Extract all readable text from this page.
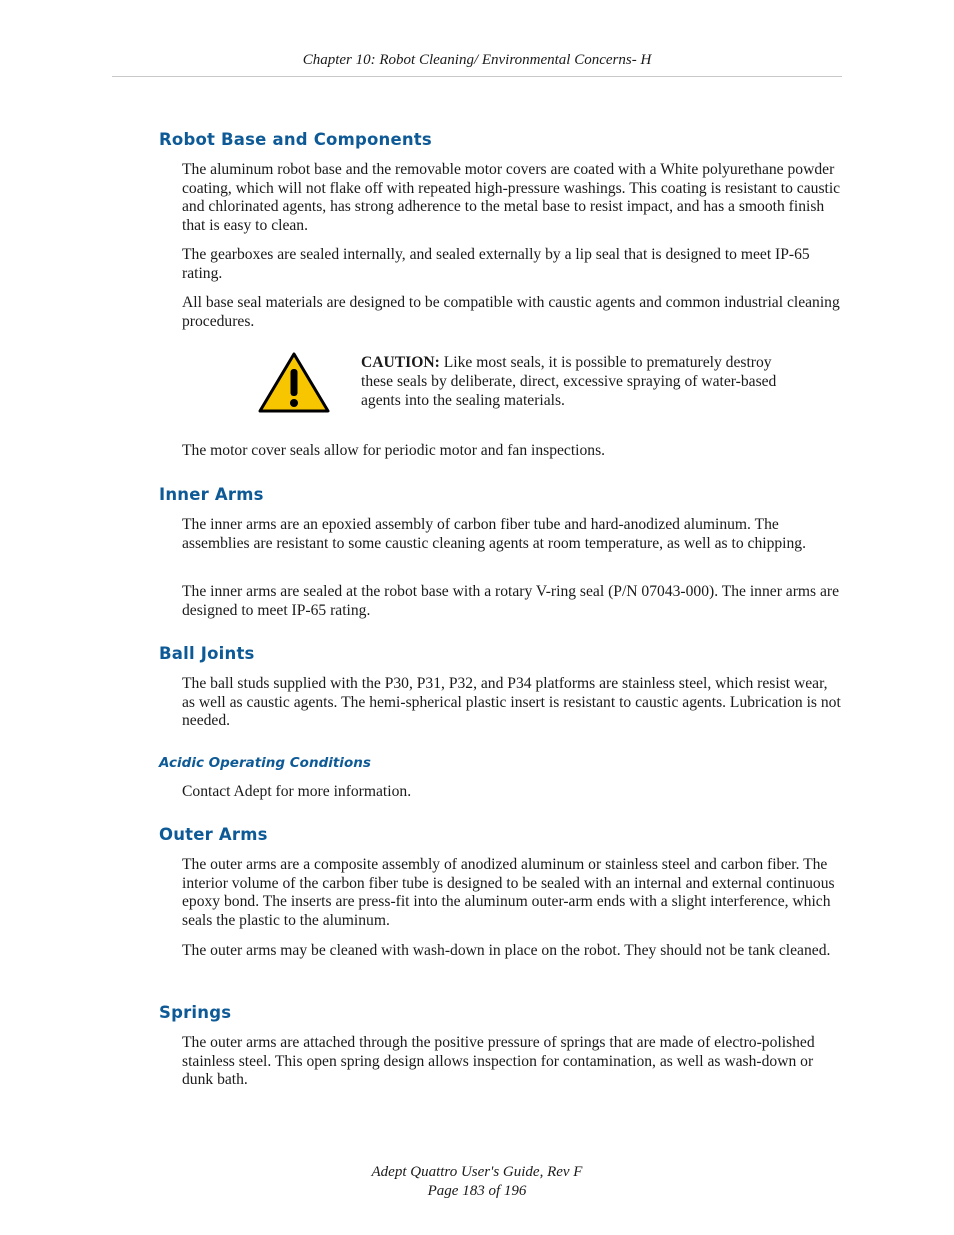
Chapter 10: Robot Cleaning/ Environmental Concerns- H
Robot Base and Components

The aluminum robot base and the removable motor covers are coated with a White polyurethane powder coating, which will not flake off with repeated high-pressure washings. This coating is resistant to caustic and chlorinated agents, has strong adherence to the metal base to resist impact, and has a smooth finish that is easy to clean.

The gearboxes are sealed internally, and sealed externally by a lip seal that is designed to meet IP-65 rating.

All base seal materials are designed to be compatible with caustic agents and common industrial cleaning procedures.

CAUTION: Like most seals, it is possible to prematurely destroy these seals by deliberate, direct, excessive spraying of water-based agents into the sealing materials.

The motor cover seals allow for periodic motor and fan inspections.

Inner Arms

The inner arms are an epoxied assembly of carbon fiber tube and hard-anodized aluminum. The assemblies are resistant to some caustic cleaning agents at room temperature, as well as to chipping.

The inner arms are sealed at the robot base with a rotary V-ring seal (P/N 07043-000). The inner arms are designed to meet IP-65 rating.

Ball Joints

The ball studs supplied with the P30, P31, P32, and P34 platforms are stainless steel, which resist wear, as well as caustic agents. The hemi-spherical plastic insert is resistant to caustic agents. Lubrication is not needed.

Acidic Operating Conditions

Contact Adept for more information.

Outer Arms

The outer arms are a composite assembly of anodized aluminum or stainless steel and carbon fiber. The interior volume of the carbon fiber tube is designed to be sealed with an internal and external continuous epoxy bond. The inserts are press-fit into the aluminum outer-arm ends with a slight interference, which seals the plastic to the aluminum.

The outer arms may be cleaned with wash-down in place on the robot. They should not be tank cleaned.

Springs

The outer arms are attached through the positive pressure of springs that are made of electro-polished stainless steel. This open spring design allows inspection for contamination, as well as wash-down or dunk bath.

Adept Quattro User's Guide, Rev F
Page 183 of 196
